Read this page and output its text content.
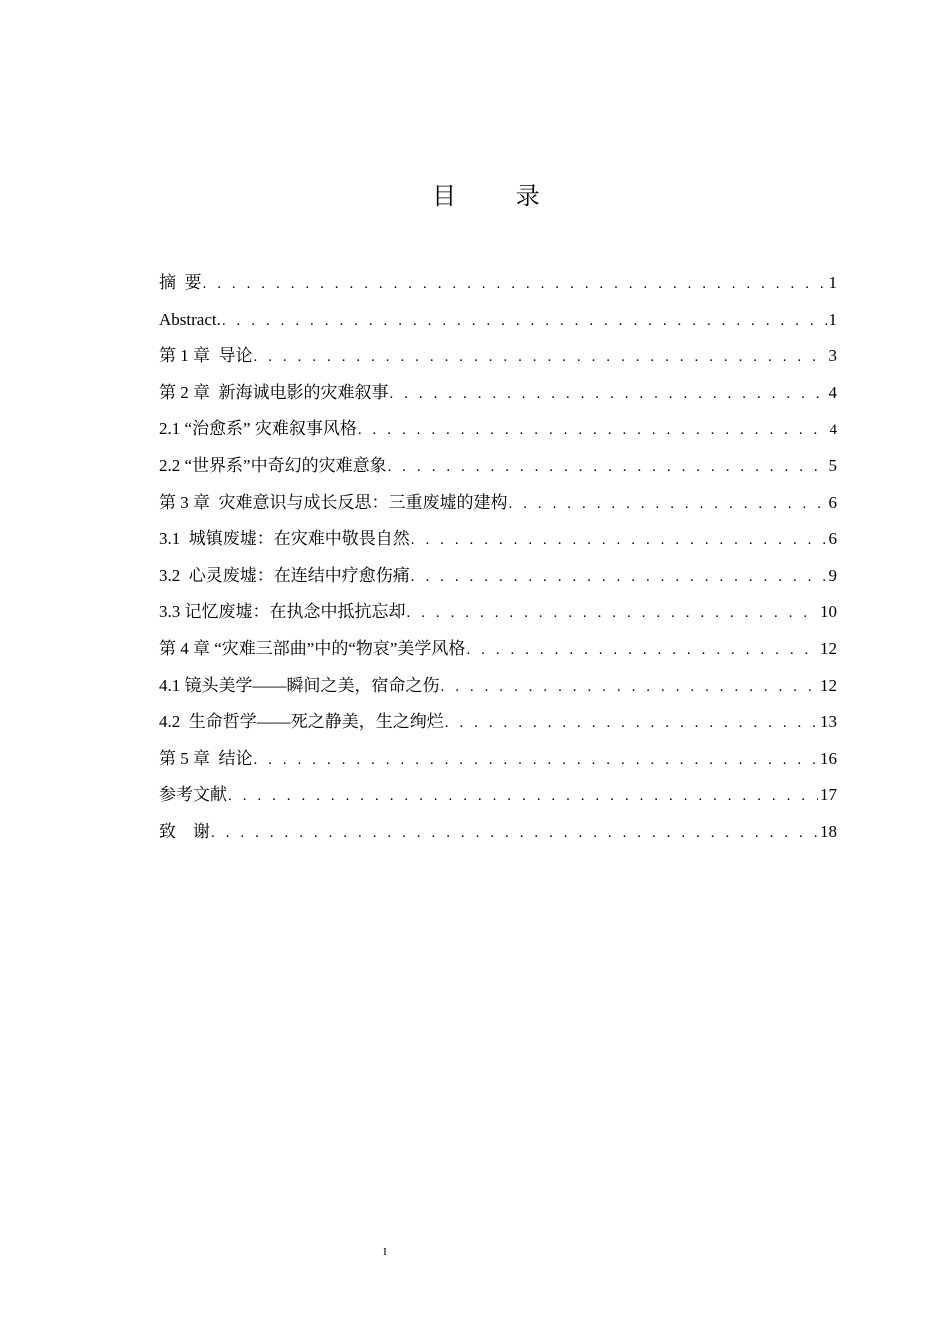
目 录
摘  要 . . .	1
Abstract. . . .	1
第 1 章  导论 . . .	3
第 2 章  新海诚电影的灾难叙事 . . .	4
2.1 “治愈系” 灾难叙事风格 . . .	4
2.2 “世界系”中奇幻的灾难意象 . . .	5
第 3 章  灾难意识与成长反思：三重废墟的建构 . . .	6
3.1  城镇废墟：在灾难中敬畏自然 . . .	6
3.2  心灵废墟：在连结中疗愈伤痛 . . .	9
3.3 记忆废墟：在执念中抵抗忘却 . . .	10
第 4 章 “灾难三部曲”中的“物哀”美学风格 . . .	12
4.1 镜头美学——瞬间之美，宿命之伤 . . .	12
4.2  生命哲学——死之静美，生之绚烂 . . .	13
第 5 章  结论 . . .	16
参考文献 . . .	17
致    谢 . . .	18
I
